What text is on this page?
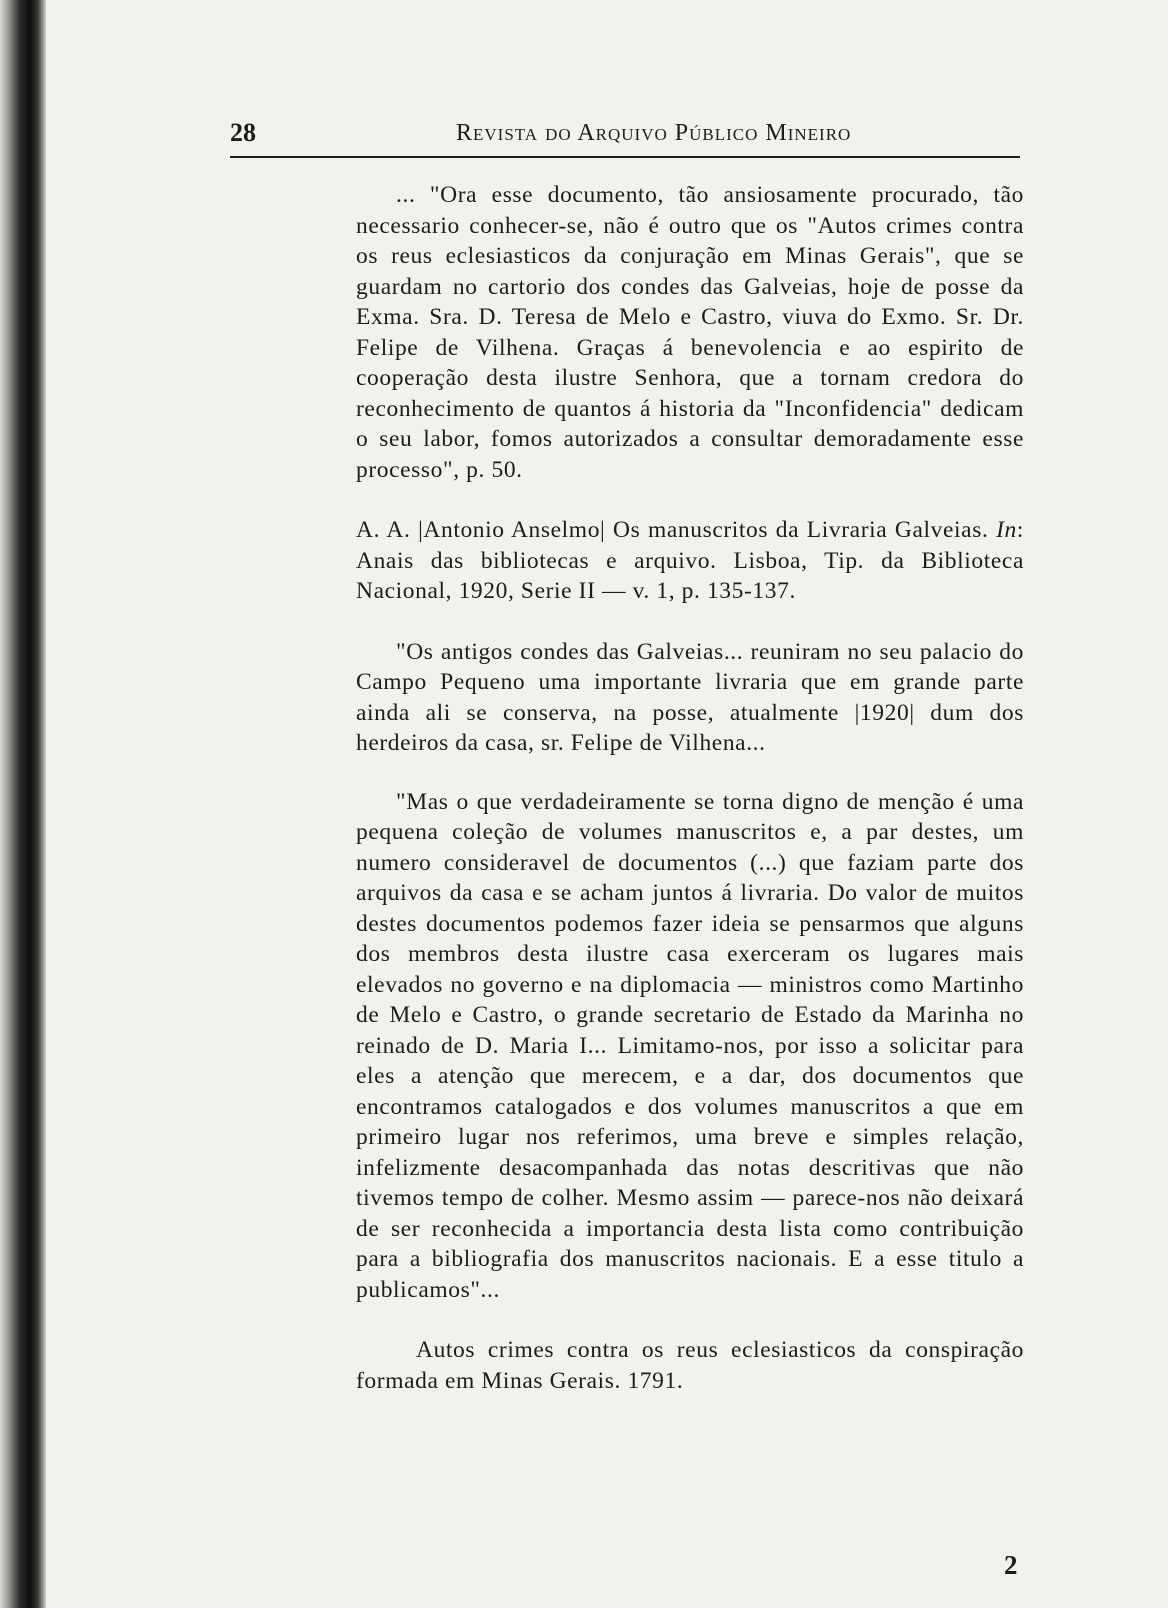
28	Revista do Arquivo Público Mineiro

... "Ora esse documento, tão ansiosamente procurado, tão necessario conhecer-se, não é outro que os "Autos crimes contra os reus eclesiasticos da conjuração em Minas Gerais", que se guardam no cartorio dos condes das Galveias, hoje de posse da Exma. Sra. D. Teresa de Melo e Castro, viuva do Exmo. Sr. Dr. Felipe de Vilhena. Graças á benevolencia e ao espirito de cooperação desta ilustre Senhora, que a tornam credora do reconhecimento de quantos á historia da "Inconfidencia" dedicam o seu labor, fomos autorizados a consultar demoradamente esse processo", p. 50.

A. A. |Antonio Anselmo| Os manuscritos da Livraria Galveias. In: Anais das bibliotecas e arquivo. Lisboa, Tip. da Biblioteca Nacional, 1920, Serie II — v. 1, p. 135-137.

"Os antigos condes das Galveias... reuniram no seu palacio do Campo Pequeno uma importante livraria que em grande parte ainda ali se conserva, na posse, atualmente |1920| dum dos herdeiros da casa, sr. Felipe de Vilhena...

"Mas o que verdadeiramente se torna digno de menção é uma pequena coleção de volumes manuscritos e, a par destes, um numero consideravel de documentos (...) que faziam parte dos arquivos da casa e se acham juntos á livraria. Do valor de muitos destes documentos podemos fazer ideia se pensarmos que alguns dos membros desta ilustre casa exerceram os lugares mais elevados no governo e na diplomacia — ministros como Martinho de Melo e Castro, o grande secretario de Estado da Marinha no reinado de D. Maria I... Limitamo-nos, por isso a solicitar para eles a atenção que merecem, e a dar, dos documentos que encontramos catalogados e dos volumes manuscritos a que em primeiro lugar nos referimos, uma breve e simples relação, infelizmente desacompanhada das notas descritivas que não tivemos tempo de colher. Mesmo assim — parece-nos não deixará de ser reconhecida a importancia desta lista como contribuição para a bibliografia dos manuscritos nacionais. E a esse titulo a publicamos"...

Autos crimes contra os reus eclesiasticos da conspiração formada em Minas Gerais. 1791.

2
